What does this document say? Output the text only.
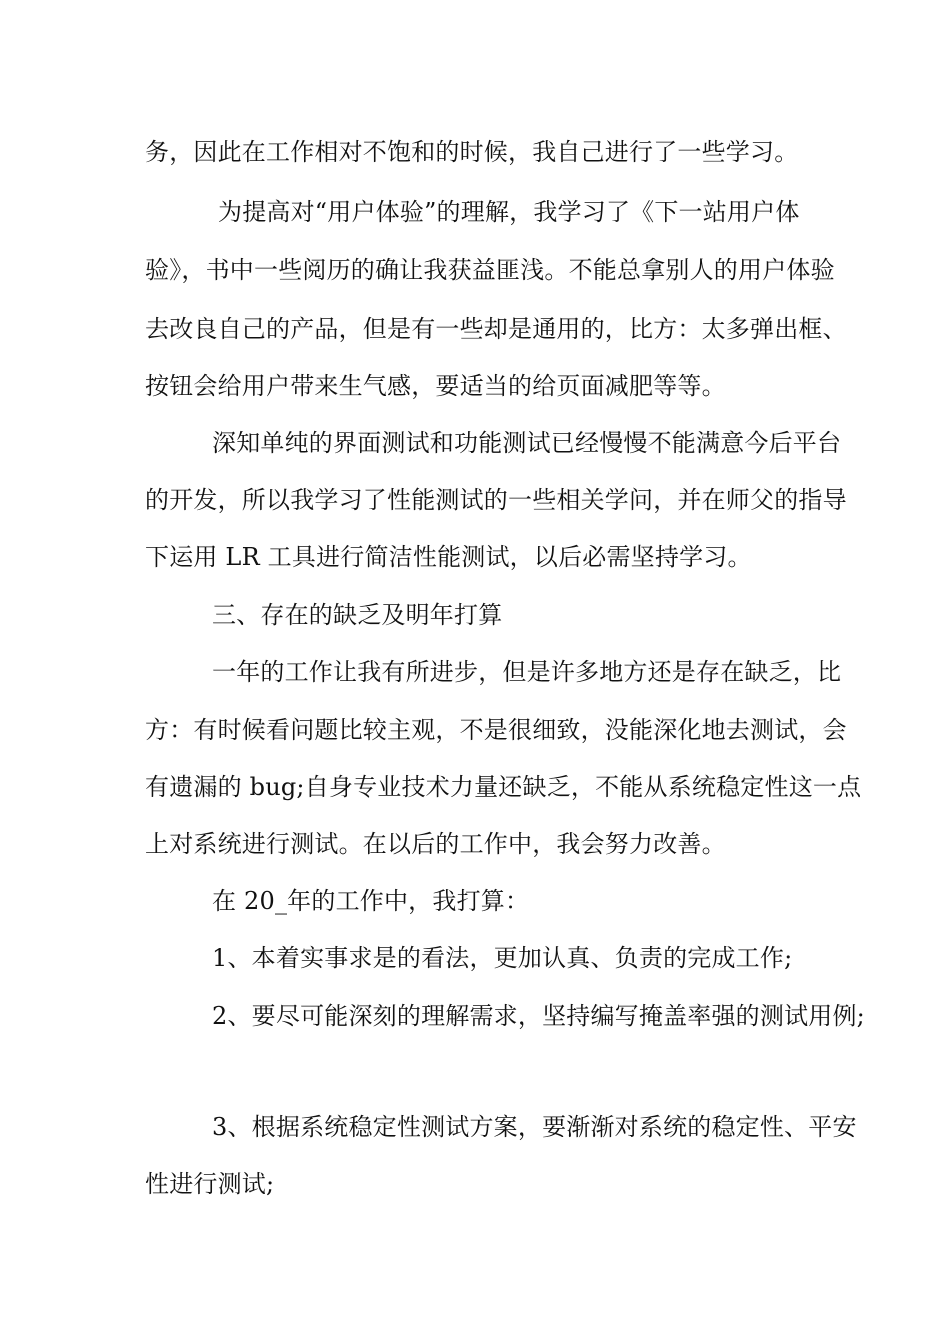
务，因此在工作相对不饱和的时候，我自己进行了一些学习。
为提高对“用户体验”的理解，我学习了《下一站用户体
验》，书中一些阅历的确让我获益匪浅。不能总拿别人的用户体验
去改良自己的产品，但是有一些却是通用的，比方：太多弹出框、
按钮会给用户带来生气感，要适当的给页面减肥等等。
深知单纯的界面测试和功能测试已经慢慢不能满意今后平台
的开发，所以我学习了性能测试的一些相关学问，并在师父的指导
下运用 LR 工具进行简洁性能测试，以后必需坚持学习。
三、存在的缺乏及明年打算
一年的工作让我有所进步，但是许多地方还是存在缺乏，比
方：有时候看问题比较主观，不是很细致，没能深化地去测试，会
有遗漏的 bug;自身专业技术力量还缺乏，不能从系统稳定性这一点
上对系统进行测试。在以后的工作中，我会努力改善。
在 20_年的工作中，我打算：
1、本着实事求是的看法，更加认真、负责的完成工作;
2、要尽可能深刻的理解需求，坚持编写掩盖率强的测试用例;
3、根据系统稳定性测试方案，要渐渐对系统的稳定性、平安
性进行测试;
